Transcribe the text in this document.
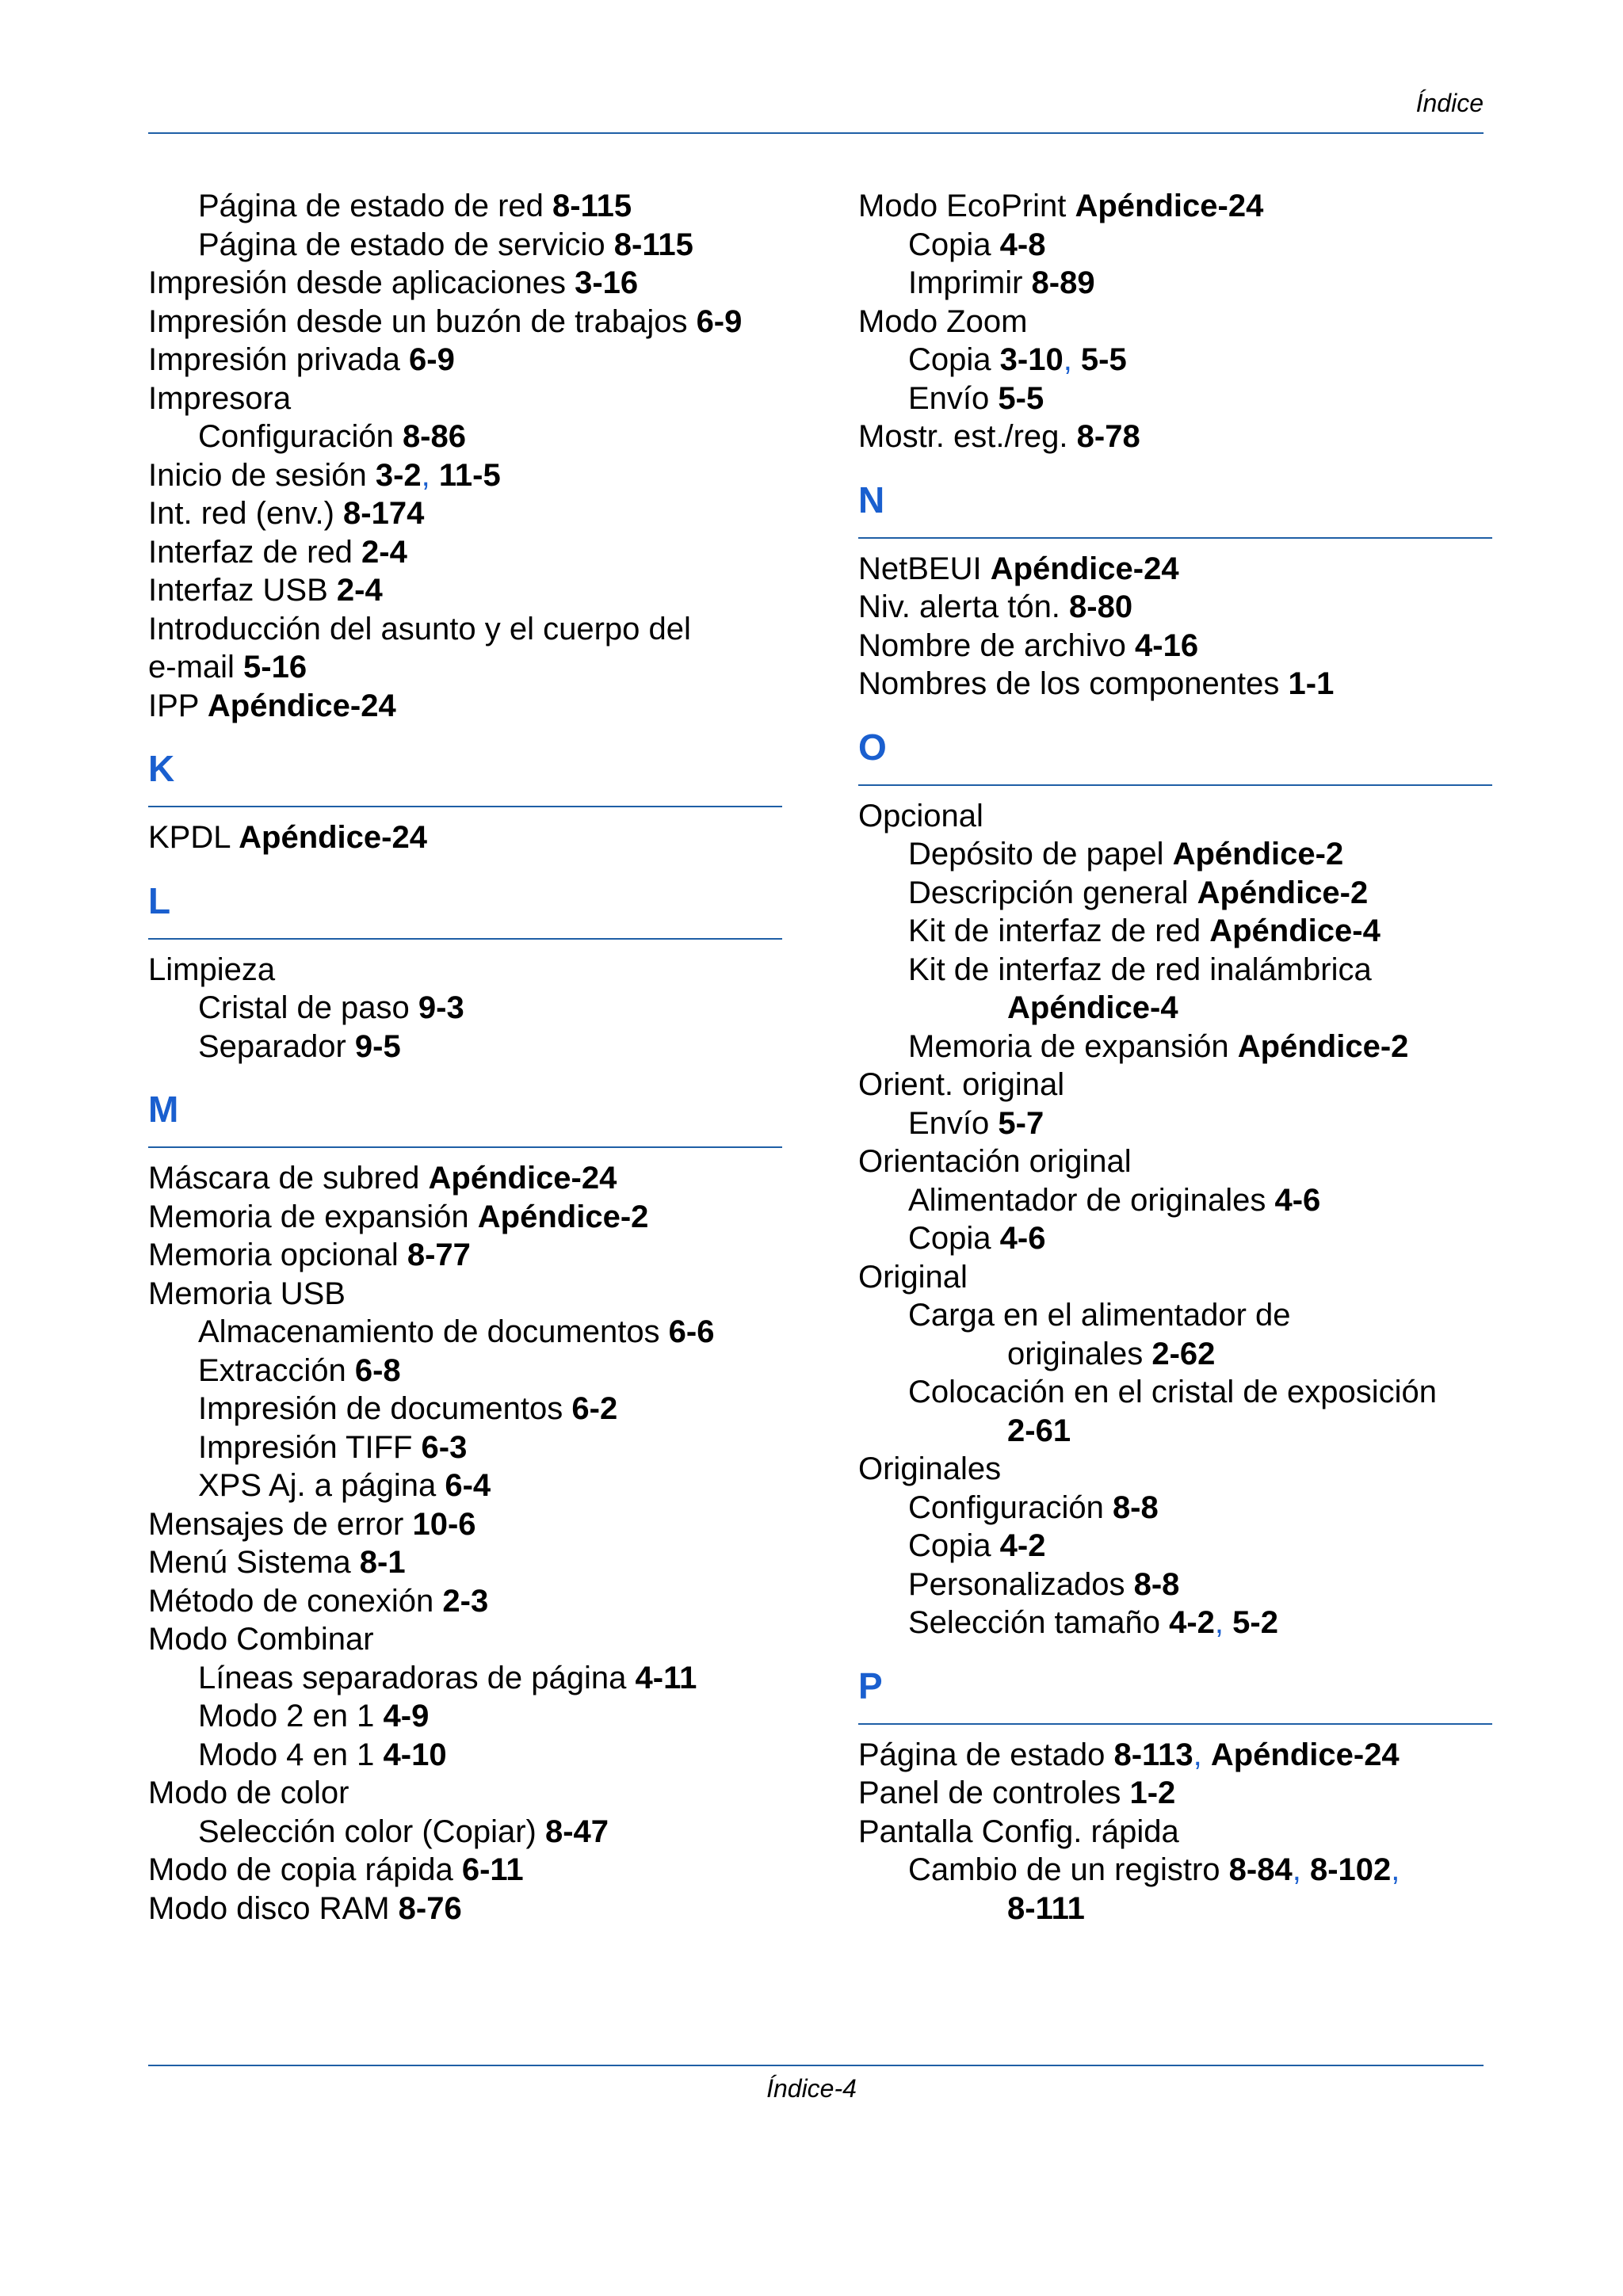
Índice
Página de estado de red 8-115
Página de estado de servicio 8-115
Impresión desde aplicaciones 3-16
Impresión desde un buzón de trabajos 6-9
Impresión privada 6-9
Impresora
Configuración 8-86
Inicio de sesión 3-2, 11-5
Int. red (env.) 8-174
Interfaz de red 2-4
Interfaz USB 2-4
Introducción del asunto y el cuerpo del
e-mail 5-16
IPP Apéndice-24
K
KPDL Apéndice-24
L
Limpieza
Cristal de paso 9-3
Separador 9-5
M
Máscara de subred Apéndice-24
Memoria de expansión Apéndice-2
Memoria opcional 8-77
Memoria USB
Almacenamiento de documentos 6-6
Extracción 6-8
Impresión de documentos 6-2
Impresión TIFF 6-3
XPS Aj. a página 6-4
Mensajes de error 10-6
Menú Sistema 8-1
Método de conexión 2-3
Modo Combinar
Líneas separadoras de página 4-11
Modo 2 en 1 4-9
Modo 4 en 1 4-10
Modo de color
Selección color (Copiar) 8-47
Modo de copia rápida 6-11
Modo disco RAM 8-76
Modo EcoPrint Apéndice-24
Copia 4-8
Imprimir 8-89
Modo Zoom
Copia 3-10, 5-5
Envío 5-5
Mostr. est./reg. 8-78
N
NetBEUI Apéndice-24
Niv. alerta tón. 8-80
Nombre de archivo 4-16
Nombres de los componentes 1-1
O
Opcional
Depósito de papel Apéndice-2
Descripción general Apéndice-2
Kit de interfaz de red Apéndice-4
Kit de interfaz de red inalámbrica
Apéndice-4
Memoria de expansión Apéndice-2
Orient. original
Envío 5-7
Orientación original
Alimentador de originales 4-6
Copia 4-6
Original
Carga en el alimentador de
originales 2-62
Colocación en el cristal de exposición
2-61
Originales
Configuración 8-8
Copia 4-2
Personalizados 8-8
Selección tamaño 4-2, 5-2
P
Página de estado 8-113, Apéndice-24
Panel de controles 1-2
Pantalla Config. rápida
Cambio de un registro 8-84, 8-102,
8-111
Índice-4
